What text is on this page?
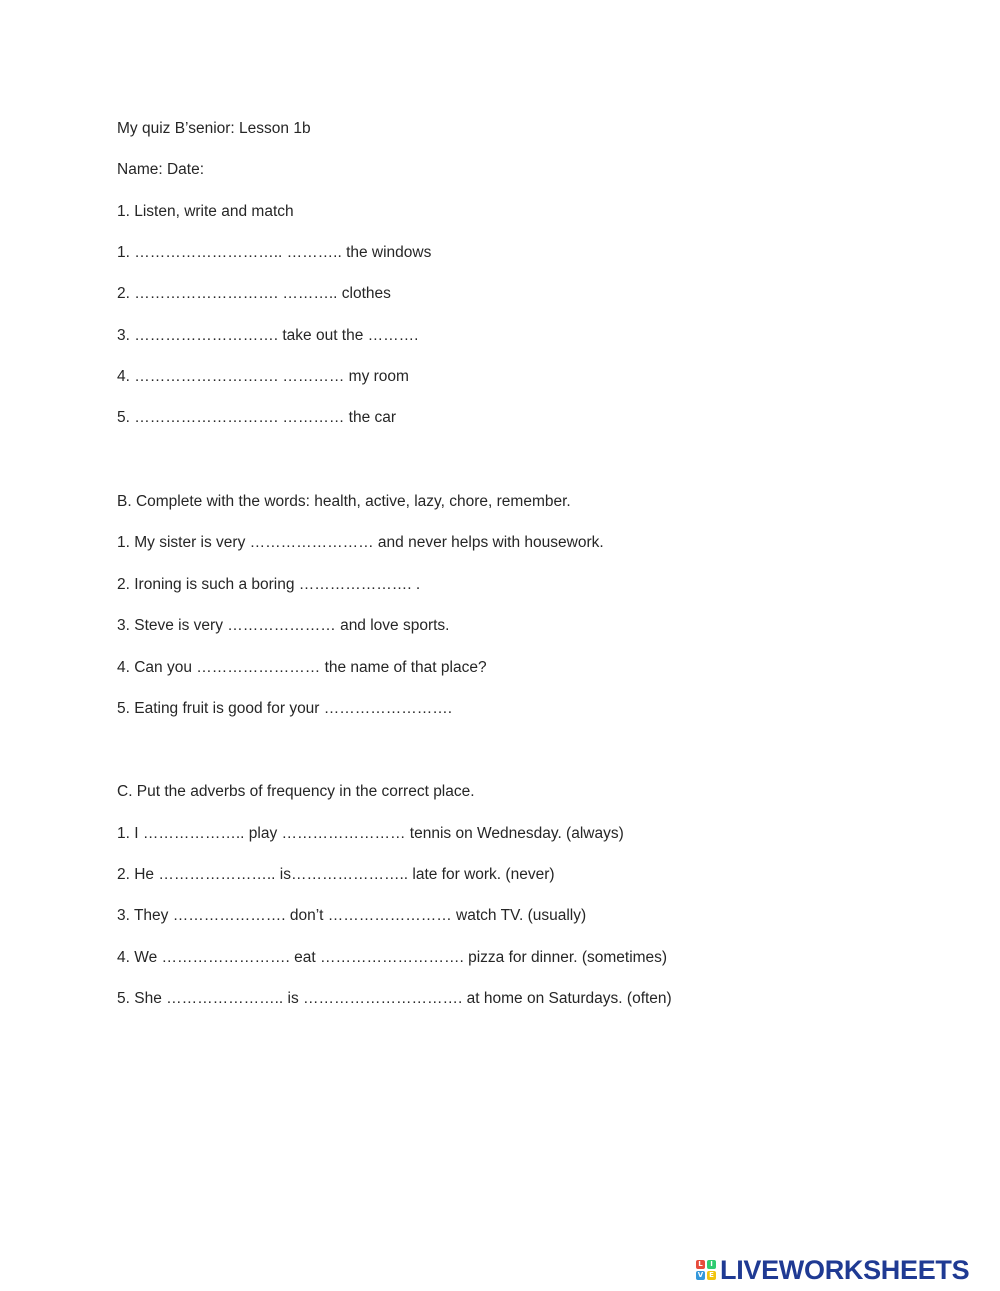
My quiz B’senior: Lesson 1b
Name: Date:
1. Listen, write and match
1. ……………………….. ……….. the windows
2. ………………………. ……….. clothes
3. ………………………. take out the ……….
4. ………………………. ………… my room
5. ………………………. ………… the car
B. Complete with the words: health, active, lazy, chore, remember.
1. My sister is very …………………… and never helps with housework.
2. Ironing is such a boring …………………. .
3. Steve is very ………………… and love sports.
4. Can you …………………… the name of that place?
5. Eating fruit is good for your …………………….
C. Put the adverbs of frequency in the correct place.
1. I ……………….. play …………………… tennis on Wednesday. (always)
2. He ………………….. is………………….. late for work. (never)
3. They …………………. don’t …………………… watch TV. (usually)
4. We ……………………. eat ………………………. pizza for dinner. (sometimes)
5. She ………………….. is …………………………. at home on Saturdays. (often)
L	I
V E LIVEWORKSHEETS
